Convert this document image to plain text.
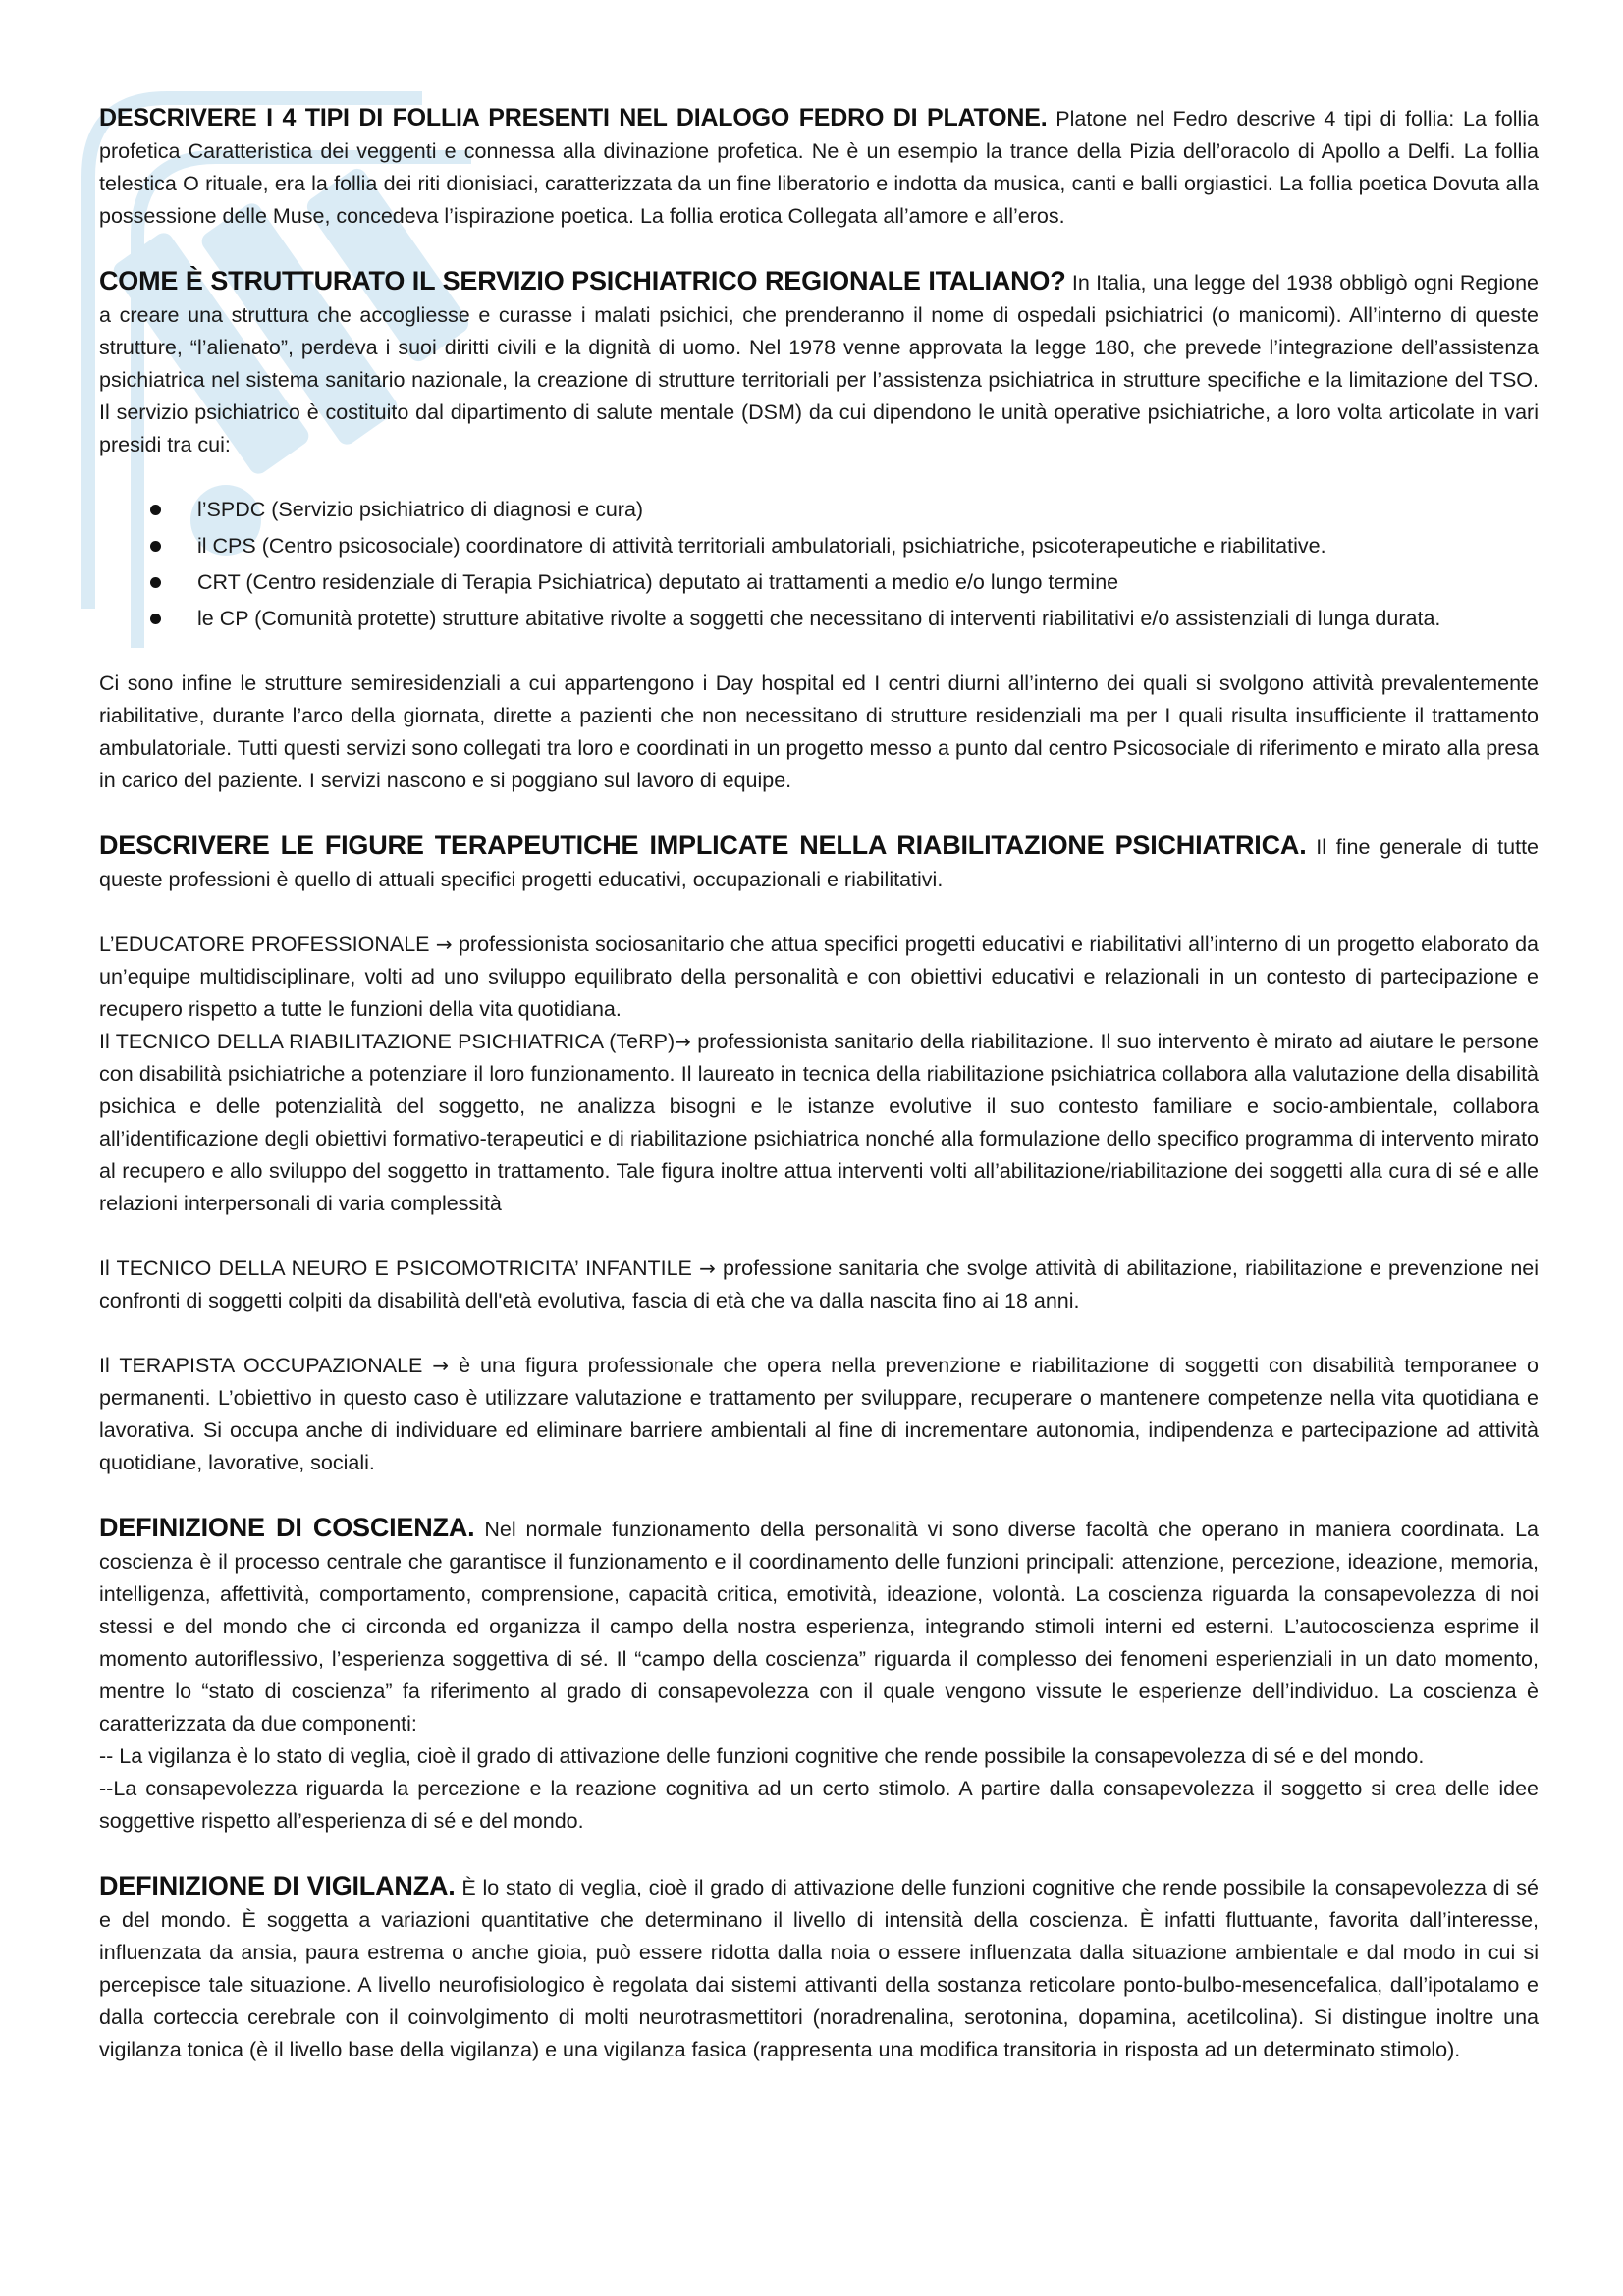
DESCRIVERE I 4 TIPI DI FOLLIA PRESENTI NEL DIALOGO FEDRO DI PLATONE. Platone nel Fedro descrive 4 tipi di follia: La follia profetica Caratteristica dei veggenti e connessa alla divinazione profetica. Ne è un esempio la trance della Pizia dell’oracolo di Apollo a Delfi. La follia telestica O rituale, era la follia dei riti dionisiaci, caratterizzata da un fine liberatorio e indotta da musica, canti e balli orgiastici. La follia poetica Dovuta alla possessione delle Muse, concedeva l’ispirazione poetica. La follia erotica Collegata all’amore e all’eros.

COME È STRUTTURATO IL SERVIZIO PSICHIATRICO REGIONALE ITALIANO? In Italia, una legge del 1938 obbligò ogni Regione a creare una struttura che accogliesse e curasse i malati psichici, che prenderanno il nome di ospedali psichiatrici (o manicomi). All’interno di queste strutture, “l’alienato”, perdeva i suoi diritti civili e la dignità di uomo. Nel 1978 venne approvata la legge 180, che prevede l’integrazione dell’assistenza psichiatrica nel sistema sanitario nazionale, la creazione di strutture territoriali per l’assistenza psichiatrica in strutture specifiche e la limitazione del TSO. Il servizio psichiatrico è costituito dal dipartimento di salute mentale (DSM) da cui dipendono le unità operative psichiatriche, a loro volta articolate in vari presidi tra cui:

l’SPDC (Servizio psichiatrico di diagnosi e cura)
il CPS (Centro psicosociale) coordinatore di attività territoriali ambulatoriali, psichiatriche, psicoterapeutiche e riabilitative.
CRT (Centro residenziale di Terapia Psichiatrica) deputato ai trattamenti a medio e/o lungo termine
le CP (Comunità protette) strutture abitative rivolte a soggetti che necessitano di interventi riabilitativi e/o assistenziali di lunga durata.

Ci sono infine le strutture semiresidenziali a cui appartengono i Day hospital ed I centri diurni all’interno dei quali si svolgono attività prevalentemente riabilitative, durante l’arco della giornata, dirette a pazienti che non necessitano di strutture residenziali ma per I quali risulta insufficiente il trattamento ambulatoriale. Tutti questi servizi sono collegati tra loro e coordinati in un progetto messo a punto dal centro Psicosociale di riferimento e mirato alla presa in carico del paziente. I servizi nascono e si poggiano sul lavoro di equipe.

DESCRIVERE LE FIGURE TERAPEUTICHE IMPLICATE NELLA RIABILITAZIONE PSICHIATRICA. Il fine generale di tutte queste professioni è quello di attuali specifici progetti educativi, occupazionali e riabilitativi.

L’EDUCATORE PROFESSIONALE → professionista sociosanitario che attua specifici progetti educativi e riabilitativi all’interno di un progetto elaborato da un’equipe multidisciplinare, volti ad uno sviluppo equilibrato della personalità e con obiettivi educativi e relazionali in un contesto di partecipazione e recupero rispetto a tutte le funzioni della vita quotidiana.

Il TECNICO DELLA RIABILITAZIONE PSICHIATRICA (TeRP)→ professionista sanitario della riabilitazione. Il suo intervento è mirato ad aiutare le persone con disabilità psichiatriche a potenziare il loro funzionamento. Il laureato in tecnica della riabilitazione psichiatrica collabora alla valutazione della disabilità psichica e delle potenzialità del soggetto, ne analizza bisogni e le istanze evolutive il suo contesto familiare e socio-ambientale, collabora all’identificazione degli obiettivi formativo-terapeutici e di riabilitazione psichiatrica nonché alla formulazione dello specifico programma di intervento mirato al recupero e allo sviluppo del soggetto in trattamento. Tale figura inoltre attua interventi volti all’abilitazione/riabilitazione dei soggetti alla cura di sé e alle relazioni interpersonali di varia complessità

Il TECNICO DELLA NEURO E PSICOMOTRICITA’ INFANTILE → professione sanitaria che svolge attività di abilitazione, riabilitazione e prevenzione nei confronti di soggetti colpiti da disabilità dell'età evolutiva, fascia di età che va dalla nascita fino ai 18 anni.

Il TERAPISTA OCCUPAZIONALE → è una figura professionale che opera nella prevenzione e riabilitazione di soggetti con disabilità temporanee o permanenti. L’obiettivo in questo caso è utilizzare valutazione e trattamento per sviluppare, recuperare o mantenere competenze nella vita quotidiana e lavorativa. Si occupa anche di individuare ed eliminare barriere ambientali al fine di incrementare autonomia, indipendenza e partecipazione ad attività quotidiane, lavorative, sociali.

DEFINIZIONE DI COSCIENZA. Nel normale funzionamento della personalità vi sono diverse facoltà che operano in maniera coordinata. La coscienza è il processo centrale che garantisce il funzionamento e il coordinamento delle funzioni principali: attenzione, percezione, ideazione, memoria, intelligenza, affettività, comportamento, comprensione, capacità critica, emotività, ideazione, volontà. La coscienza riguarda la consapevolezza di noi stessi e del mondo che ci circonda ed organizza il campo della nostra esperienza, integrando stimoli interni ed esterni. L’autocoscienza esprime il momento autoriflessivo, l’esperienza soggettiva di sé. Il “campo della coscienza” riguarda il complesso dei fenomeni esperienziali in un dato momento, mentre lo “stato di coscienza” fa riferimento al grado di consapevolezza con il quale vengono vissute le esperienze dell’individuo. La coscienza è caratterizzata da due componenti:

-- La vigilanza è lo stato di veglia, cioè il grado di attivazione delle funzioni cognitive che rende possibile la consapevolezza di sé e del mondo.

--La consapevolezza riguarda la percezione e la reazione cognitiva ad un certo stimolo. A partire dalla consapevolezza il soggetto si crea delle idee soggettive rispetto all’esperienza di sé e del mondo.

DEFINIZIONE DI VIGILANZA. È lo stato di veglia, cioè il grado di attivazione delle funzioni cognitive che rende possibile la consapevolezza di sé e del mondo. È soggetta a variazioni quantitative che determinano il livello di intensità della coscienza. È infatti fluttuante, favorita dall’interesse, influenzata da ansia, paura estrema o anche gioia, può essere ridotta dalla noia o essere influenzata dalla situazione ambientale e dal modo in cui si percepisce tale situazione. A livello neurofisiologico è regolata dai sistemi attivanti della sostanza reticolare ponto-bulbo-mesencefalica, dall’ipotalamo e dalla corteccia cerebrale con il coinvolgimento di molti neurotrasmettitori (noradrenalina, serotonina, dopamina, acetilcolina). Si distingue inoltre una vigilanza tonica (è il livello base della vigilanza) e una vigilanza fasica (rappresenta una modifica transitoria in risposta ad un determinato stimolo).
